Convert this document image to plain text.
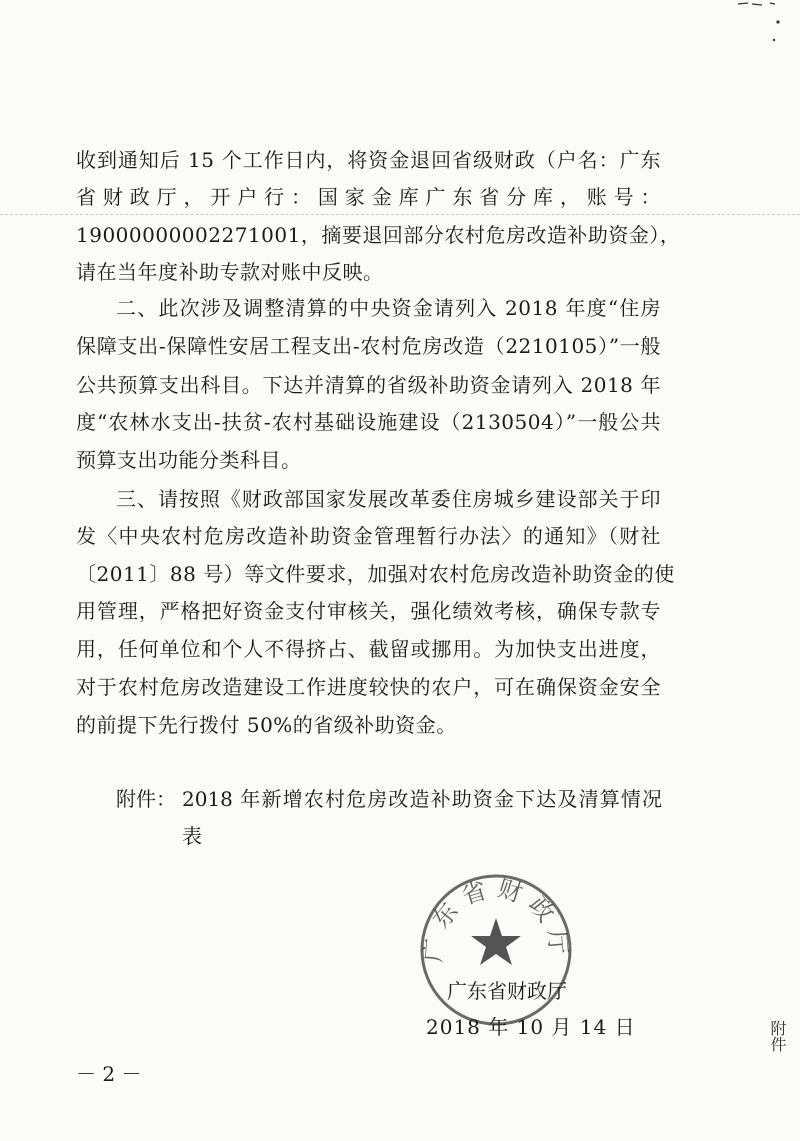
收到通知后 15 个工作日内，将资金退回省级财政（户名：广东
省财政厅，开户行：国家金库广东省分库，账号：
19000000002271001，摘要退回部分农村危房改造补助资金），
请在当年度补助专款对账中反映。
二、此次涉及调整清算的中央资金请列入 2018 年度“住房
保障支出-保障性安居工程支出-农村危房改造（2210105）”一般
公共预算支出科目。下达并清算的省级补助资金请列入 2018 年
度“农林水支出-扶贫-农村基础设施建设（2130504）”一般公共
预算支出功能分类科目。
三、请按照《财政部国家发展改革委住房城乡建设部关于印
发〈中央农村危房改造补助资金管理暂行办法〉的通知》（财社
〔2011〕88 号）等文件要求，加强对农村危房改造补助资金的使
用管理，严格把好资金支付审核关，强化绩效考核，确保专款专
用，任何单位和个人不得挤占、截留或挪用。为加快支出进度，
对于农村危房改造建设工作进度较快的农户，可在确保资金安全
的前提下先行拨付 50%的省级补助资金。
附件： 2018 年新增农村危房改造补助资金下达及清算情况
表
广东省财政厅
广东省财政厅
2018 年 10 月 14 日
－ 2 －
附件
